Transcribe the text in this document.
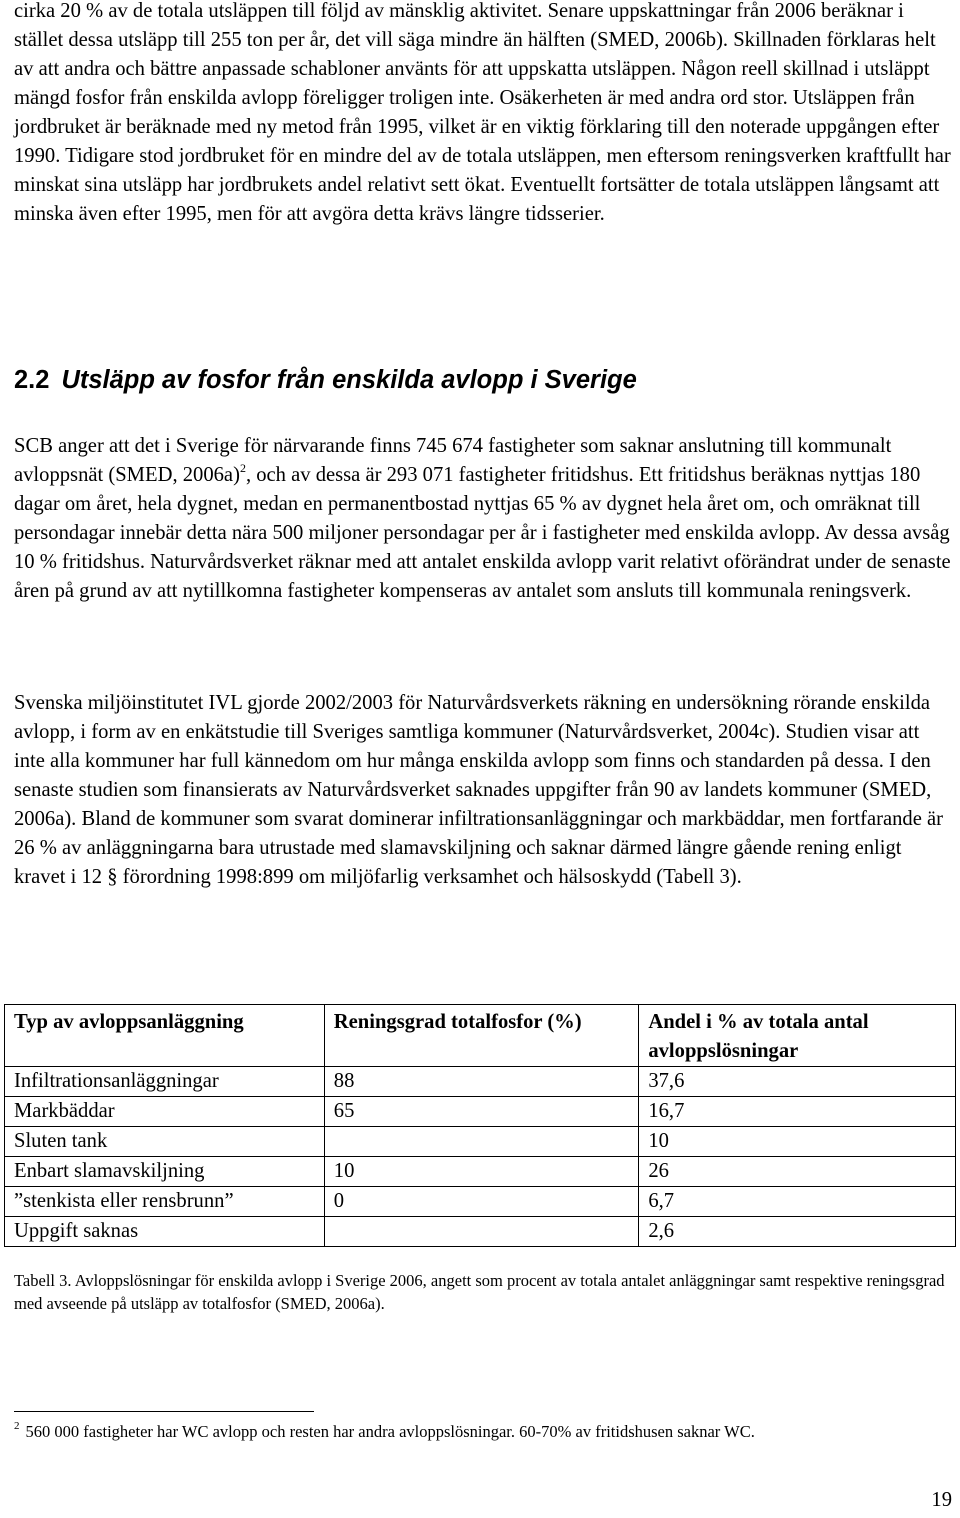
cirka 20 % av de totala utsläppen till följd av mänsklig aktivitet. Senare uppskattningar från 2006 beräknar i stället dessa utsläpp till 255 ton per år, det vill säga mindre än hälften (SMED, 2006b). Skillnaden förklaras helt av att andra och bättre anpassade schabloner använts för att uppskatta utsläppen. Någon reell skillnad i utsläppt mängd fosfor från enskilda avlopp föreligger troligen inte. Osäkerheten är med andra ord stor. Utsläppen från jordbruket är beräknade med ny metod från 1995, vilket är en viktig förklaring till den noterade uppgången efter 1990. Tidigare stod jordbruket för en mindre del av de totala utsläppen, men eftersom reningsverken kraftfullt har minskat sina utsläpp har jordbrukets andel relativt sett ökat. Eventuellt fortsätter de totala utsläppen långsamt att minska även efter 1995, men för att avgöra detta krävs längre tidsserier.

2.2 Utsläpp av fosfor från enskilda avlopp i Sverige

SCB anger att det i Sverige för närvarande finns 745 674 fastigheter som saknar anslutning till kommunalt avloppsnät (SMED, 2006a)$^2$, och av dessa är 293 071 fastigheter fritidshus. Ett fritidshus beräknas nyttjas 180 dagar om året, hela dygnet, medan en permanentbostad nyttjas 65 % av dygnet hela året om, och omräknat till persondagar innebär detta nära 500 miljoner persondagar per år i fastigheter med enskilda avlopp. Av dessa avsåg 10 % fritidshus. Naturvårdsverket räknar med att antalet enskilda avlopp varit relativt oförändrat under de senaste åren på grund av att nytillkomna fastigheter kompenseras av antalet som ansluts till kommunala reningsverk.

Svenska miljöinstitutet IVL gjorde 2002/2003 för Naturvårdsverkets räkning en undersökning rörande enskilda avlopp, i form av en enkätstudie till Sveriges samtliga kommuner (Naturvårdsverket, 2004c). Studien visar att inte alla kommuner har full kännedom om hur många enskilda avlopp som finns och standarden på dessa. I den senaste studien som finansierats av Naturvårdsverket saknades uppgifter från 90 av landets kommuner (SMED, 2006a). Bland de kommuner som svarat dominerar infiltrationsanläggningar och markbäddar, men fortfarande är 26 % av anläggningarna bara utrustade med slamavskiljning och saknar därmed längre gående rening enligt kravet i 12 § förordning 1998:899 om miljöfarlig verksamhet och hälsoskydd (Tabell 3).

Typ av avloppsanläggning	Reningsgrad totalfosfor (%)	Andel i % av totala antal avloppslösningar
Infiltrationsanläggningar	88	37,6
Markbäddar	65	16,7
Sluten tank		10
Enbart slamavskiljning	10	26
”stenkista eller rensbrunn”	0	6,7
Uppgift saknas		2,6

Tabell 3. Avloppslösningar för enskilda avlopp i Sverige 2006, angett som procent av totala antalet anläggningar samt respektive reningsgrad med avseende på utsläpp av totalfosfor (SMED, 2006a).

$^2$ 560 000 fastigheter har WC avlopp och resten har andra avloppslösningar. 60-70% av fritidshusen saknar WC.

19
